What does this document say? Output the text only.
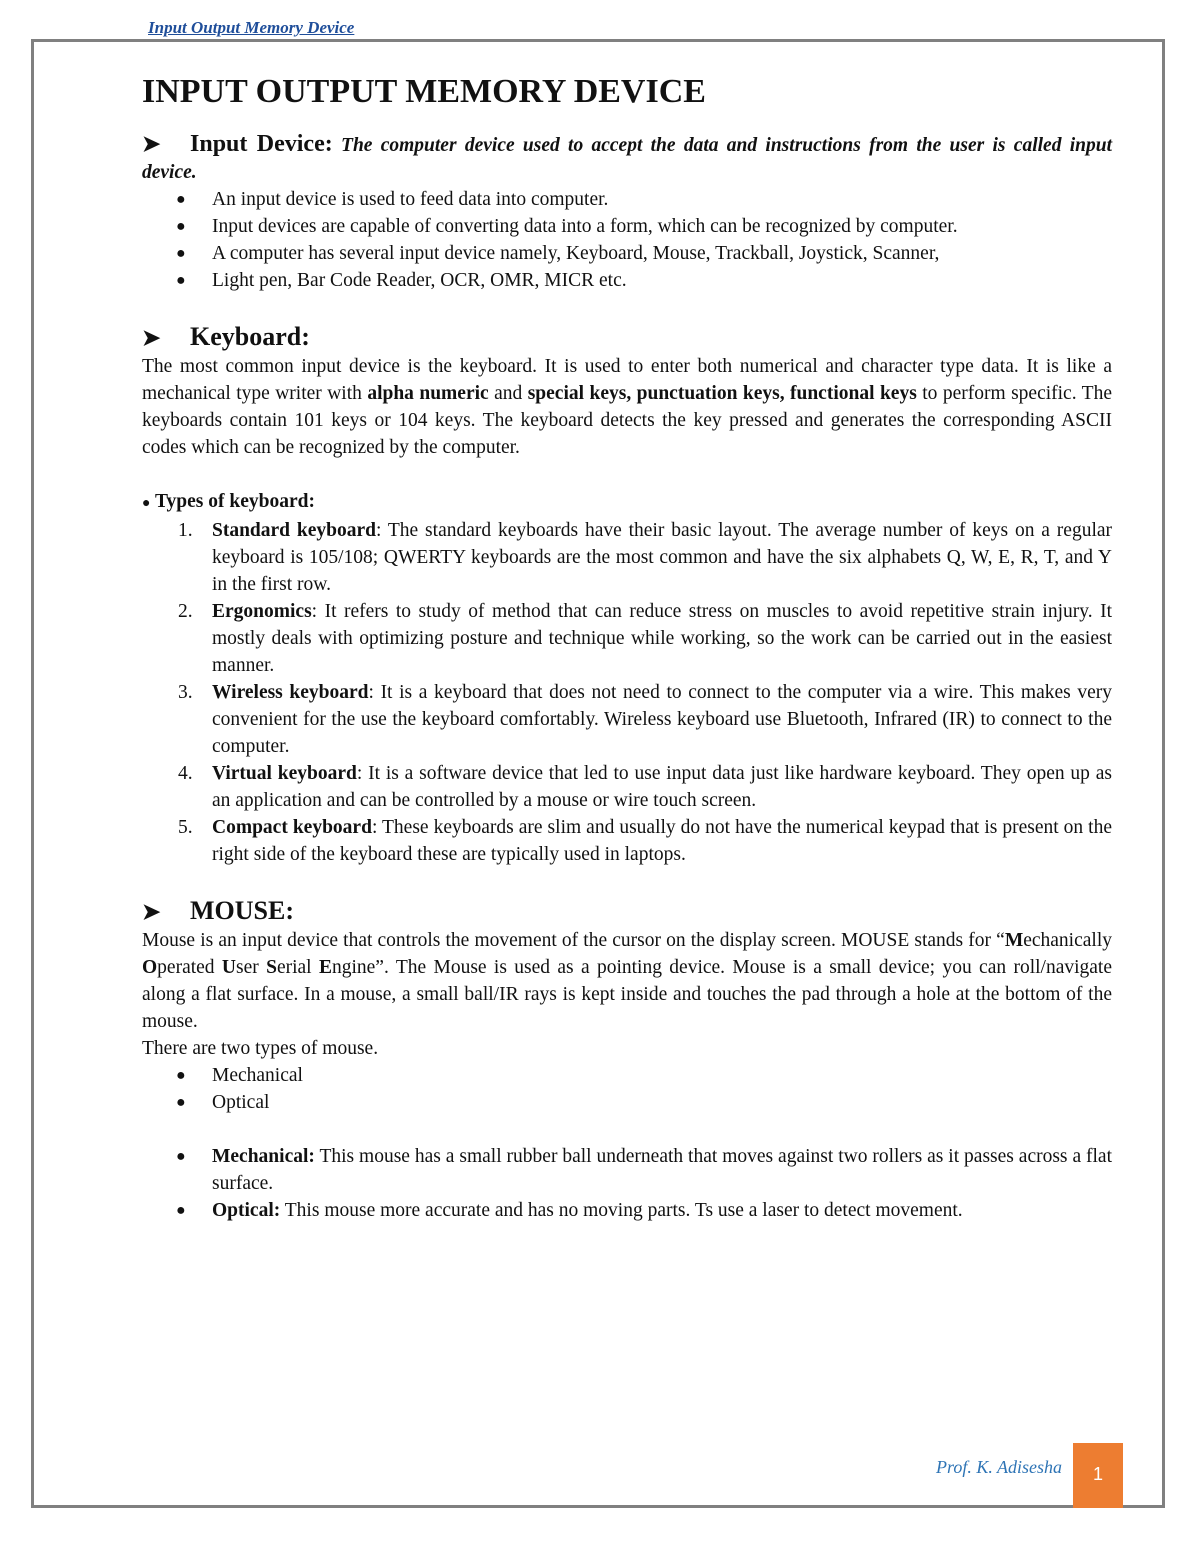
Input Output Memory Device
INPUT OUTPUT MEMORY DEVICE

➤ Input Device: The computer device used to accept the data and instructions from the user is called input device.

● An input device is used to feed data into computer.
● Input devices are capable of converting data into a form, which can be recognized by computer.
● A computer has several input device namely, Keyboard, Mouse, Trackball, Joystick, Scanner,
● Light pen, Bar Code Reader, OCR, OMR, MICR etc.
➤	Keyboard:

The most common input device is the keyboard. It is used to enter both numerical and character type data. It is like a mechanical type writer with alpha numeric and special keys, punctuation keys, functional keys to perform specific. The keyboards contain 101 keys or 104 keys. The keyboard detects the key pressed and generates the corresponding ASCII codes which can be recognized by the computer.

● Types of keyboard:

1. Standard keyboard: The standard keyboards have their basic layout. The average number of keys on a regular keyboard is 105/108; QWERTY keyboards are the most common and have the six alphabets Q, W, E, R, T, and Y in the first row.
2. Ergonomics: It refers to study of method that can reduce stress on muscles to avoid repetitive strain injury. It mostly deals with optimizing posture and technique while working, so the work can be carried out in the easiest manner.
3. Wireless keyboard: It is a keyboard that does not need to connect to the computer via a wire. This makes very convenient for the use the keyboard comfortably. Wireless keyboard use Bluetooth, Infrared (IR) to connect to the computer.
4. Virtual keyboard: It is a software device that led to use input data just like hardware keyboard. They open up as an application and can be controlled by a mouse or wire touch screen.
5. Compact keyboard: These keyboards are slim and usually do not have the numerical keypad that is present on the right side of the keyboard these are typically used in laptops.
➤	MOUSE:

Mouse is an input device that controls the movement of the cursor on the display screen. MOUSE stands for “Mechanically Operated User Serial Engine”. The Mouse is used as a pointing device. Mouse is a small device; you can roll/navigate along a flat surface. In a mouse, a small ball/IR rays is kept inside and touches the pad through a hole at the bottom of the mouse.

There are two types of mouse.

● Mechanical
● Optical
● Mechanical: This mouse has a small rubber ball underneath that moves against two rollers as it passes across a flat surface.
● Optical: This mouse more accurate and has no moving parts. Ts use a laser to detect movement.
Prof. K. Adisesha	1
